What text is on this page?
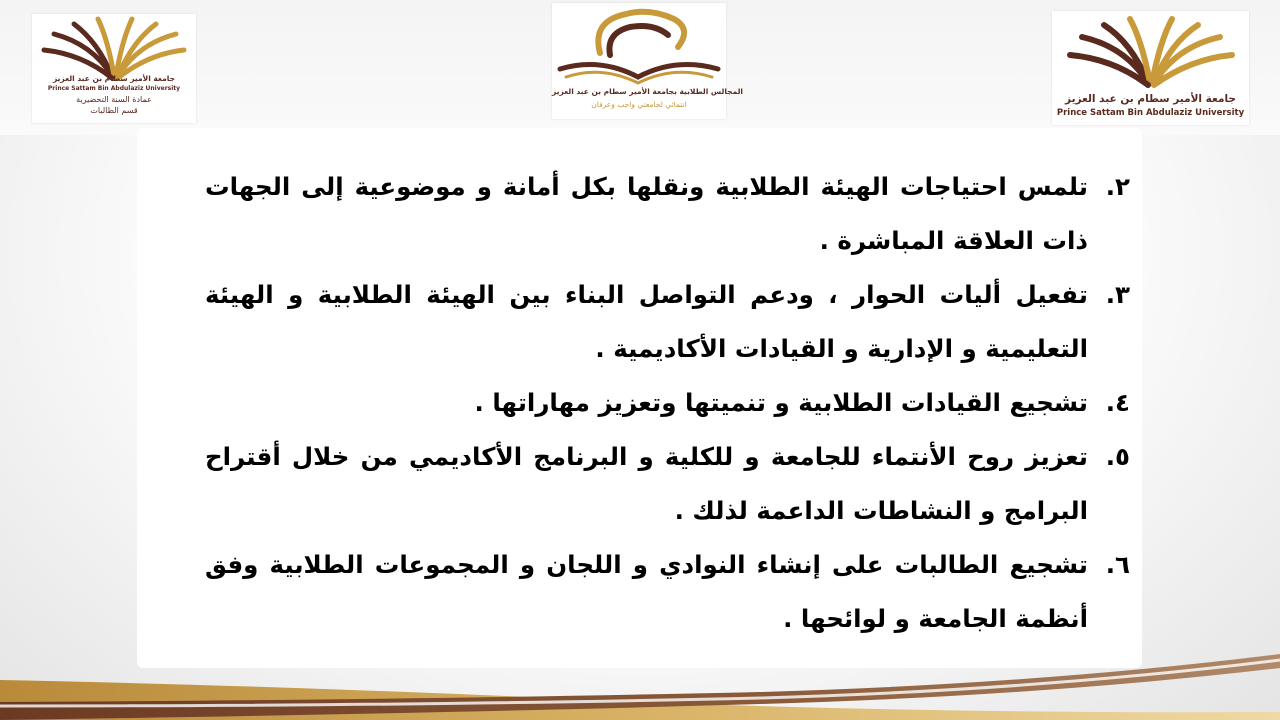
جامعة الأمير سطام بن عبد العزيز
Prince Sattam Bin Abdulaziz University
عمادة السنة التحضيرية
قسم الطالبات
المجالس الطلابية بجامعة الأمير سطام بن عبد العزيز
انتمائي لجامعتي واجب وعرفان	جامعة الأمير سطام بن عبد العزيز
Prince Sattam Bin Abdulaziz University

٢.
تلمس احتياجات الهيئة الطلابية ونقلها بكل أمانة و موضوعية إلى الجهات ذات العلاقة المباشرة .

٣.
تفعيل أليات الحوار ، ودعم التواصل البناء بين الهيئة الطلابية و الهيئة التعليمية و الإدارية و القيادات الأكاديمية .

٤.
تشجيع القيادات الطلابية و تنميتها وتعزيز مهاراتها .

٥.
تعزيز روح الأنتماء للجامعة و للكلية و البرنامج الأكاديمي من خلال أقتراح البرامج و النشاطات الداعمة لذلك .

٦.
تشجيع الطالبات على إنشاء النوادي و اللجان و المجموعات الطلابية وفق أنظمة الجامعة و لوائحها .
